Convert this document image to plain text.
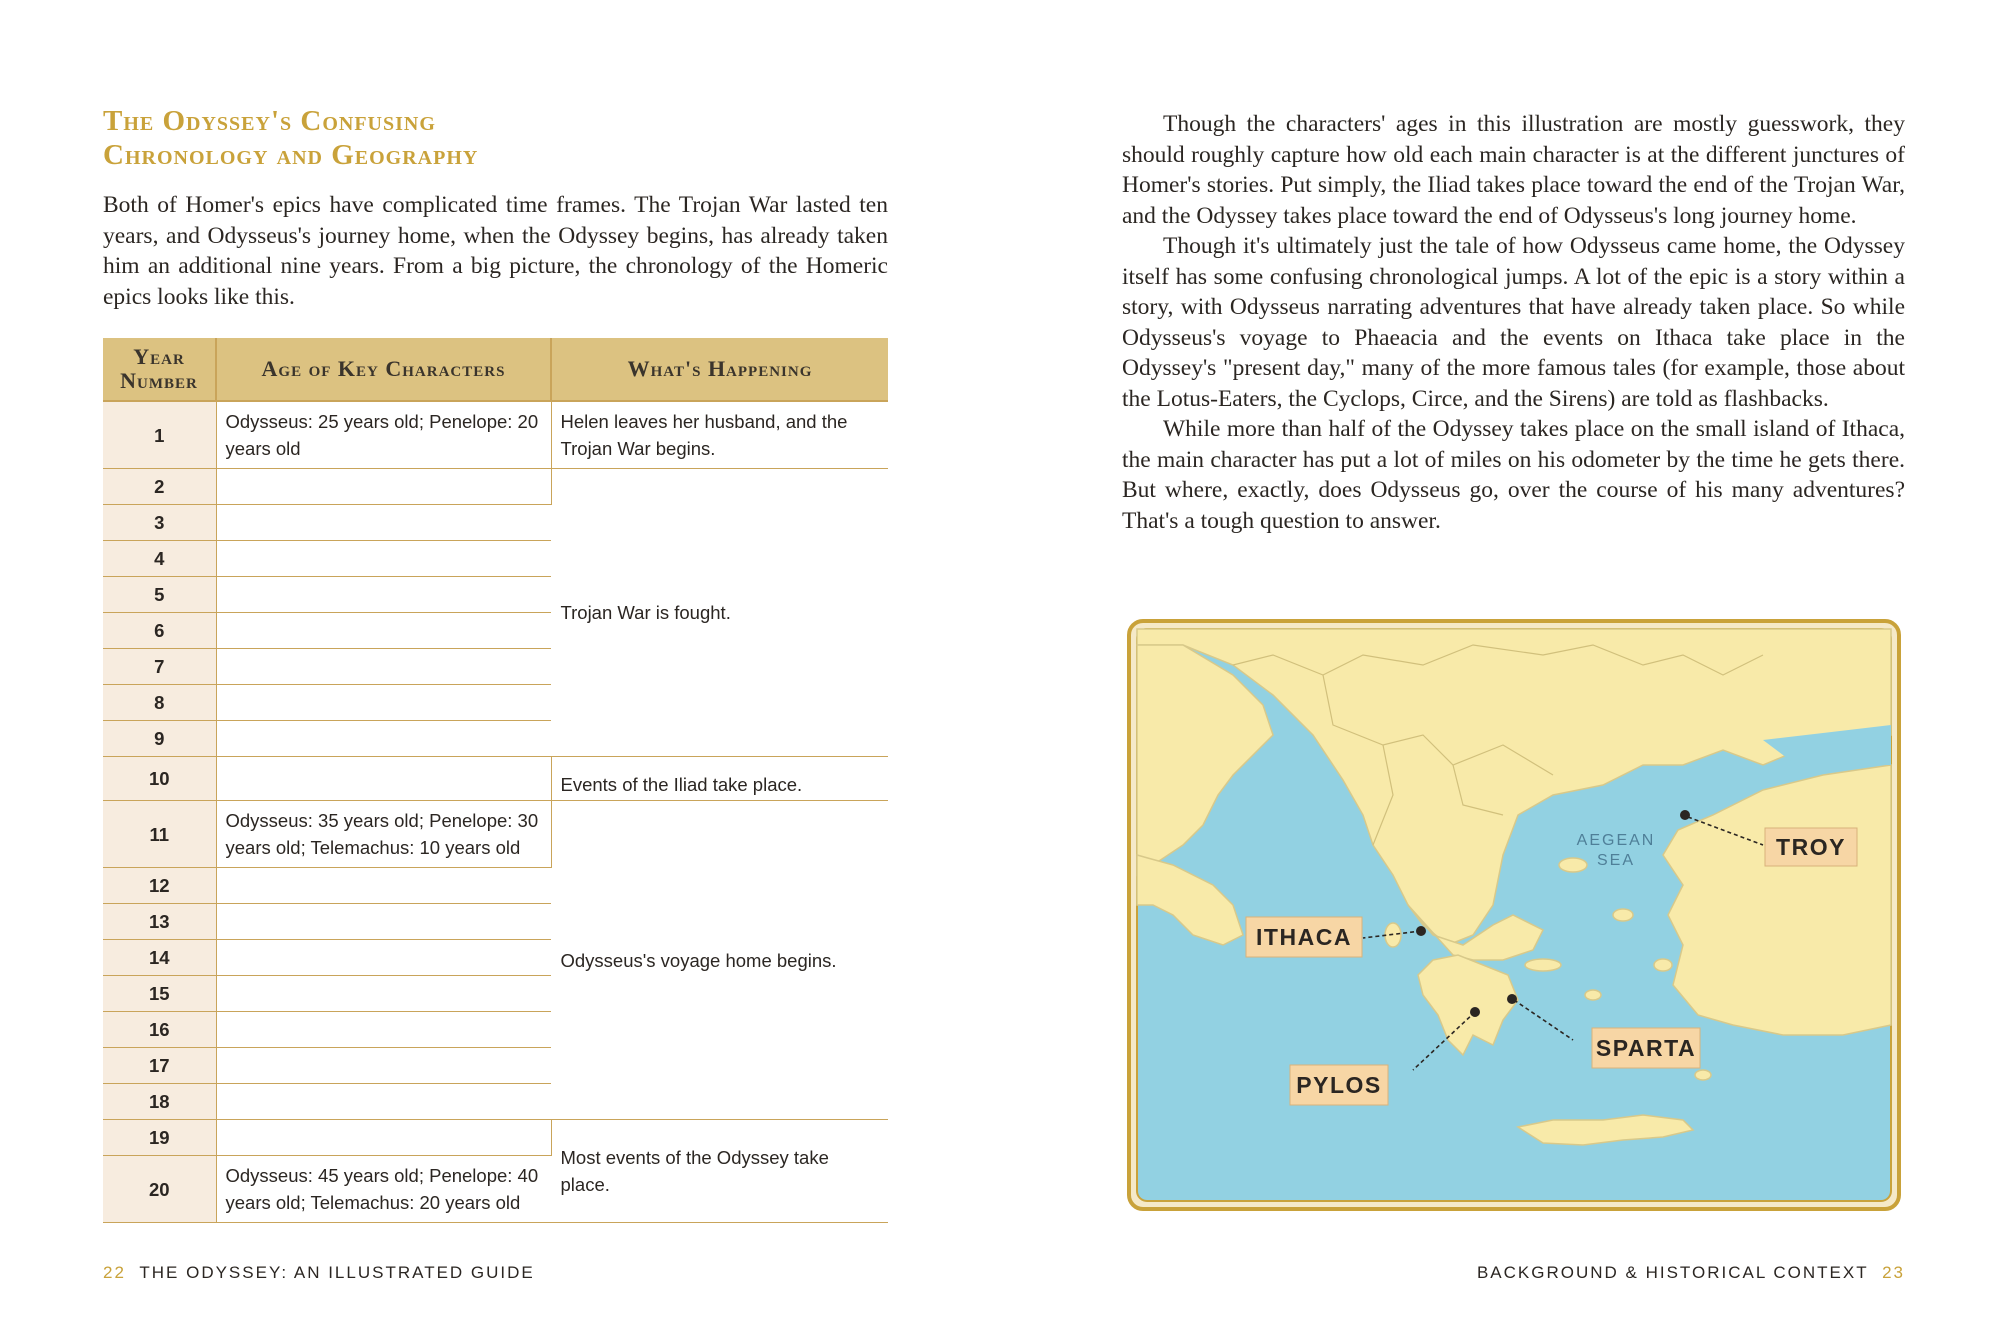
The Odyssey's Confusing
Chronology and Geography

Both of Homer's epics have complicated time frames. The Trojan War lasted ten years, and Odysseus's journey home, when the Odyssey begins, has already taken him an additional nine years. From a big picture, the chronology of the Homeric epics looks like this.

Year Number	Age of Key Characters	What's Happening
1	Odysseus: 25 years old; Penelope: 20 years old	Helen leaves her husband, and the Trojan War begins.
2		Trojan War is fought.
3		
4		
5		
6		
7		
8		
9		
10		Events of the Iliad take place.
11	Odysseus: 35 years old; Penelope: 30 years old; Telemachus: 10 years old	Odysseus's voyage home begins.
12		
13		
14		
15		
16		
17		
18		
19		Most events of the Odyssey take place.
20	Odysseus: 45 years old; Penelope: 40 years old; Telemachus: 20 years old	
22 THE ODYSSEY: AN ILLUSTRATED GUIDE

Though the characters' ages in this illustration are mostly guesswork, they should roughly capture how old each main character is at the different junctures of Homer's stories. Put simply, the Iliad takes place toward the end of the Trojan War, and the Odyssey takes place toward the end of Odysseus's long journey home.

Though it's ultimately just the tale of how Odysseus came home, the Odyssey itself has some confusing chronological jumps. A lot of the epic is a story within a story, with Odysseus narrating adventures that have already taken place. So while Odysseus's voyage to Phaeacia and the events on Ithaca take place in the Odyssey's "present day," many of the more famous tales (for example, those about the Lotus-Eaters, the Cyclops, Circe, and the Sirens) are told as flashbacks.

While more than half of the Odyssey takes place on the small island of Ithaca, the main character has put a lot of miles on his odometer by the time he gets there. But where, exactly, does Odysseus go, over the course of his many adventures? That's a tough question to answer.

AEGEAN
SEA
TROY
ITHACA
SPARTA
PYLOS
BACKGROUND & HISTORICAL CONTEXT 23
